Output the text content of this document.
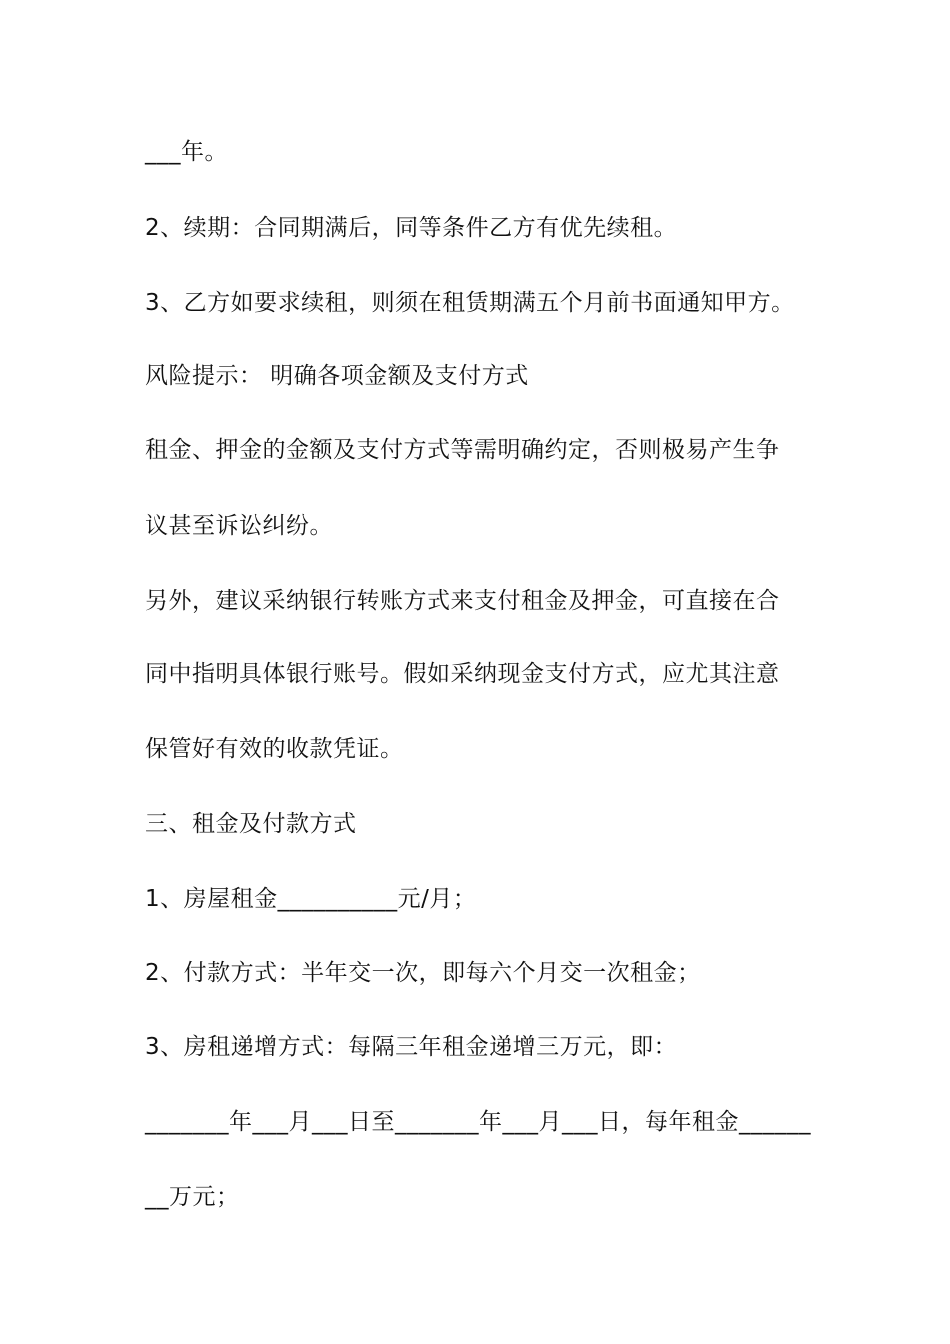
___年。
2、续期：合同期满后，同等条件乙方有优先续租。
3、乙方如要求续租，则须在租赁期满五个月前书面通知甲方。
风险提示： 明确各项金额及支付方式
租金、押金的金额及支付方式等需明确约定，否则极易产生争
议甚至诉讼纠纷。
另外，建议采纳银行转账方式来支付租金及押金，可直接在合
同中指明具体银行账号。假如采纳现金支付方式，应尤其注意
保管好有效的收款凭证。
三、租金及付款方式
1、房屋租金__________元/月；
2、付款方式：半年交一次，即每六个月交一次租金；
3、房租递增方式：每隔三年租金递增三万元，即：
_______年___月___日至_______年___月___日，每年租金______
__万元；
